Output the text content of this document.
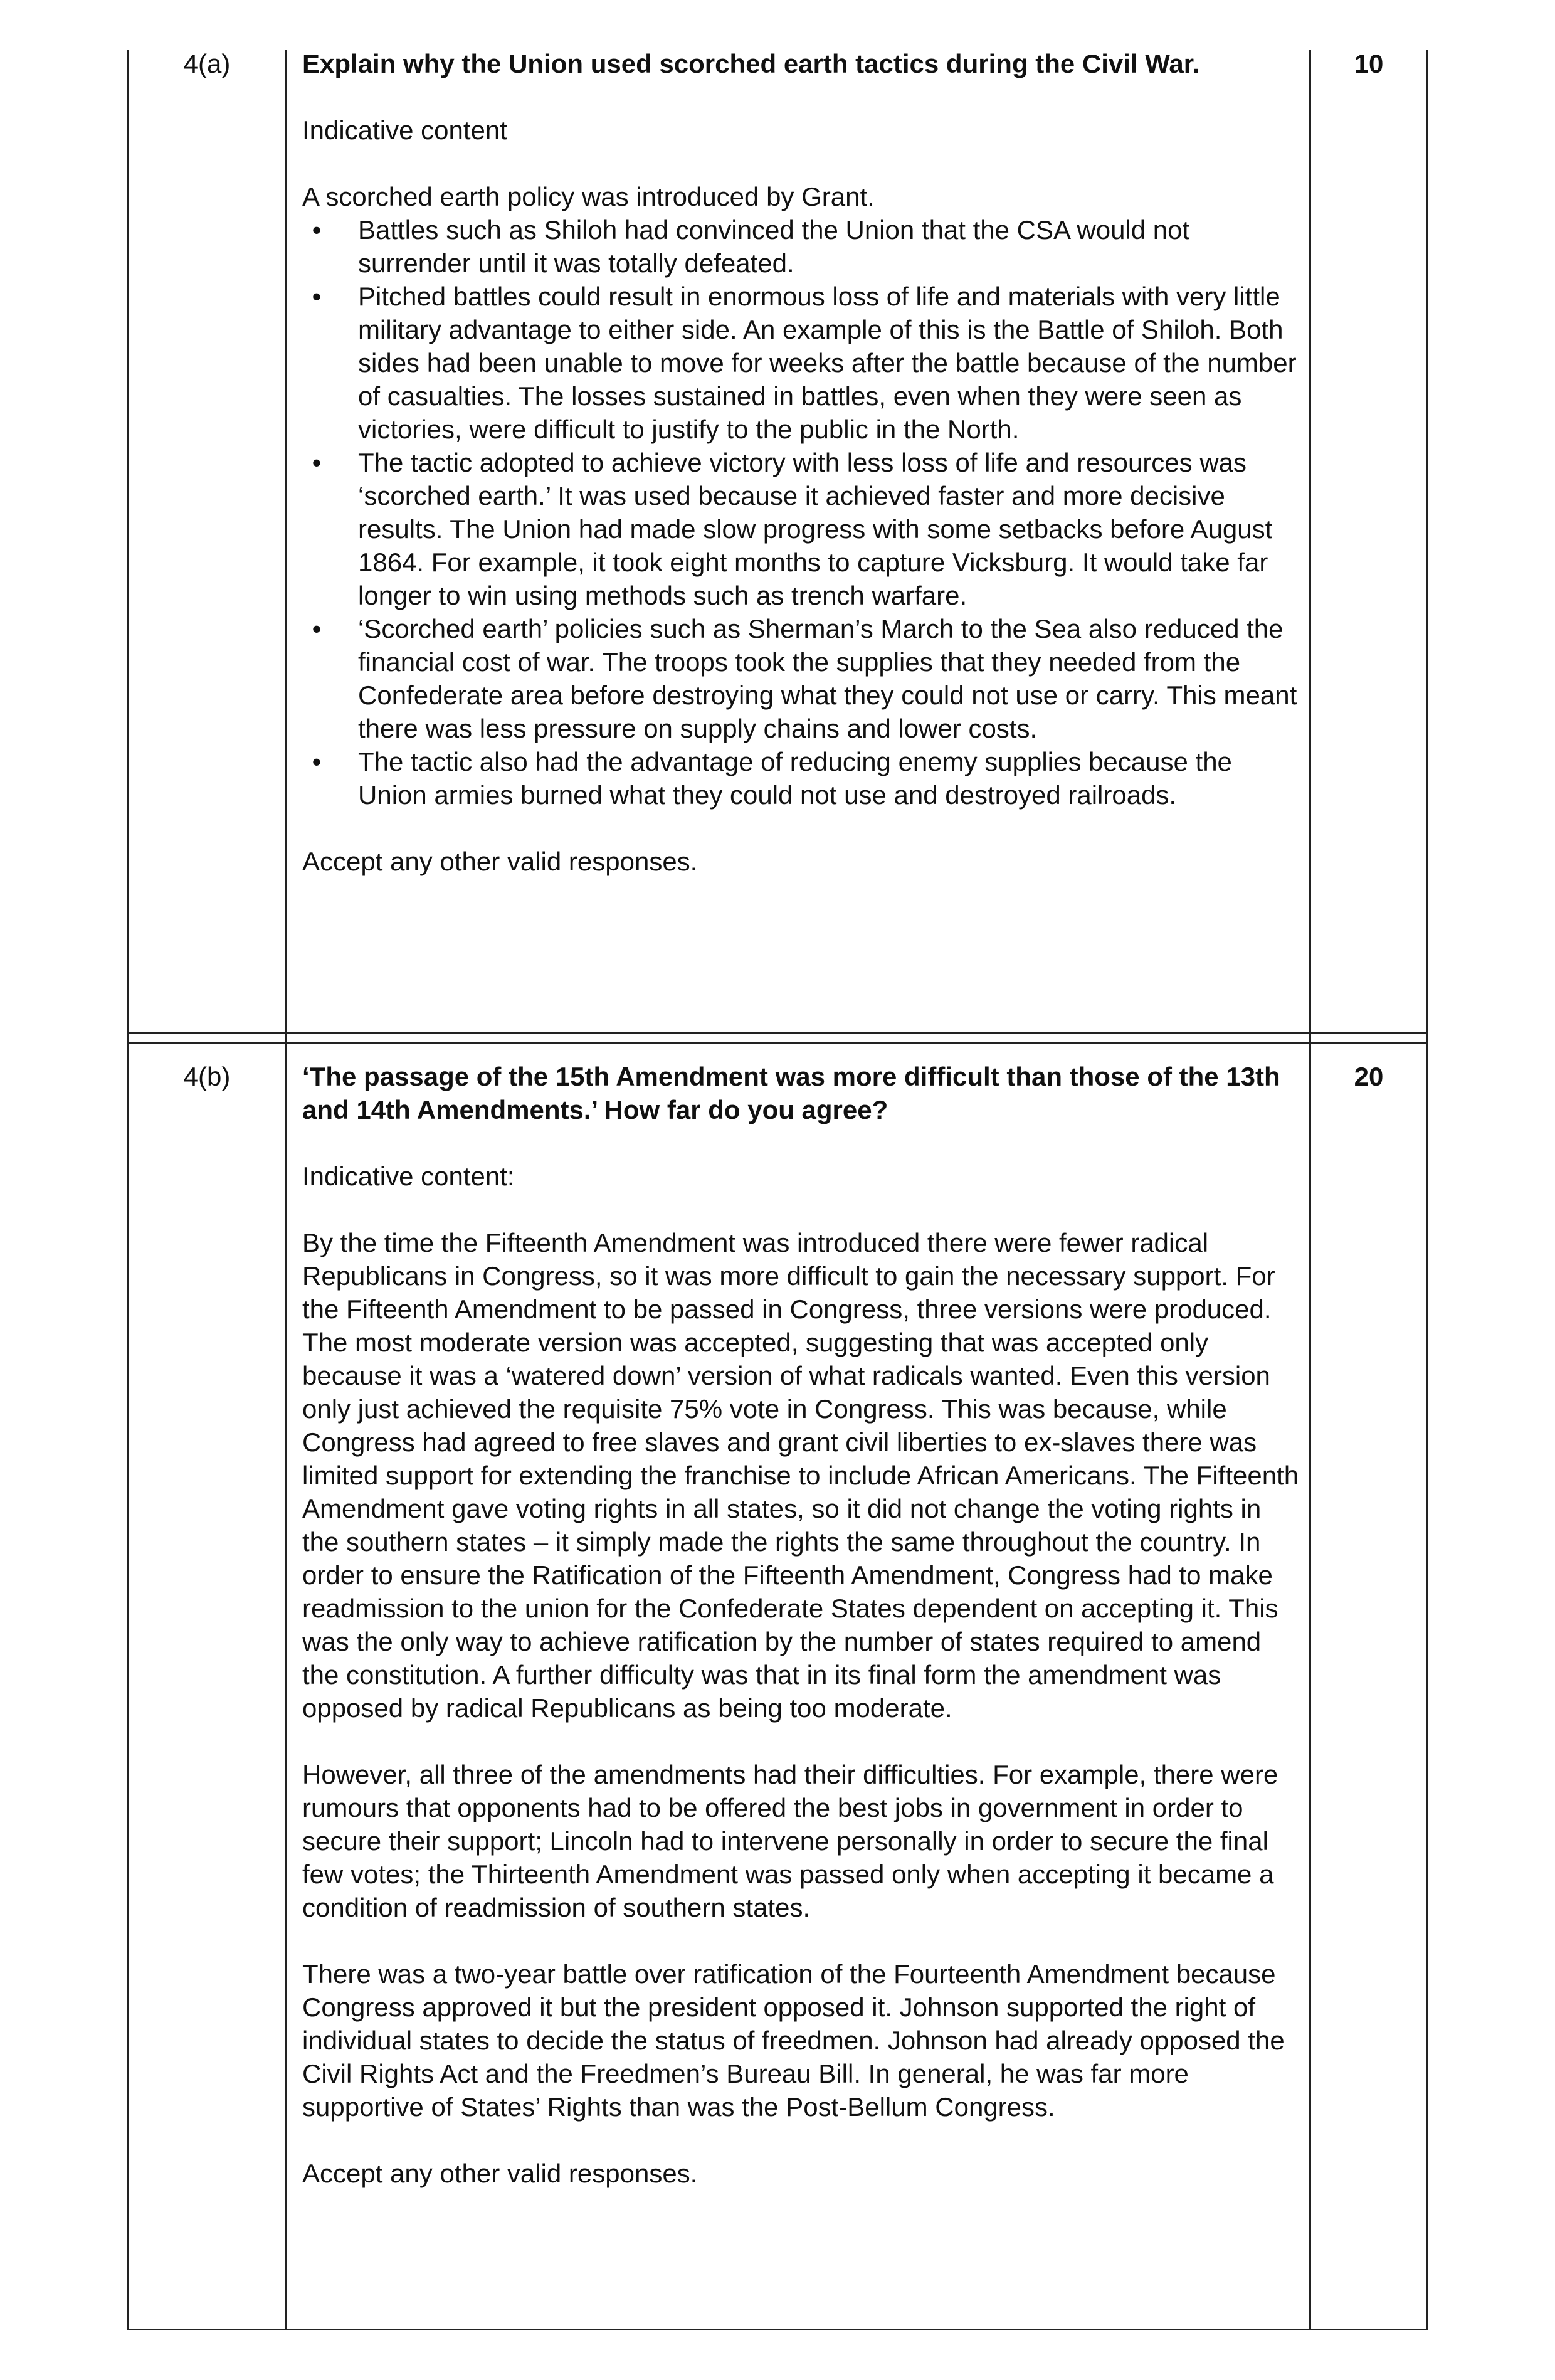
4(a)	10

Explain why the Union used scorched earth tactics during the Civil War.

Indicative content

A scorched earth policy was introduced by Grant.

• Battles such as Shiloh had convinced the Union that the CSA would not surrender until it was totally defeated.
• Pitched battles could result in enormous loss of life and materials with very little military advantage to either side. An example of this is the Battle of Shiloh. Both sides had been unable to move for weeks after the battle because of the number of casualties. The losses sustained in battles, even when they were seen as victories, were difficult to justify to the public in the North.
• The tactic adopted to achieve victory with less loss of life and resources was ‘scorched earth.’ It was used because it achieved faster and more decisive results. The Union had made slow progress with some setbacks before August 1864. For example, it took eight months to capture Vicksburg. It would take far longer to win using methods such as trench warfare.
• ‘Scorched earth’ policies such as Sherman’s March to the Sea also reduced the financial cost of war. The troops took the supplies that they needed from the Confederate area before destroying what they could not use or carry. This meant there was less pressure on supply chains and lower costs.
• The tactic also had the advantage of reducing enemy supplies because the Union armies burned what they could not use and destroyed railroads.

Accept any other valid responses.

4(b)	20

‘The passage of the 15th Amendment was more difficult than those of the 13th and 14th Amendments.’ How far do you agree?

Indicative content:

By the time the Fifteenth Amendment was introduced there were fewer radical Republicans in Congress, so it was more difficult to gain the necessary support. For the Fifteenth Amendment to be passed in Congress, three versions were produced. The most moderate version was accepted, suggesting that was accepted only because it was a ‘watered down’ version of what radicals wanted. Even this version only just achieved the requisite 75% vote in Congress. This was because, while Congress had agreed to free slaves and grant civil liberties to ex-slaves there was limited support for extending the franchise to include African Americans. The Fifteenth Amendment gave voting rights in all states, so it did not change the voting rights in the southern states – it simply made the rights the same throughout the country. In order to ensure the Ratification of the Fifteenth Amendment, Congress had to make readmission to the union for the Confederate States dependent on accepting it. This was the only way to achieve ratification by the number of states required to amend the constitution. A further difficulty was that in its final form the amendment was opposed by radical Republicans as being too moderate.

However, all three of the amendments had their difficulties. For example, there were rumours that opponents had to be offered the best jobs in government in order to secure their support; Lincoln had to intervene personally in order to secure the final few votes; the Thirteenth Amendment was passed only when accepting it became a condition of readmission of southern states.

There was a two-year battle over ratification of the Fourteenth Amendment because Congress approved it but the president opposed it. Johnson supported the right of individual states to decide the status of freedmen. Johnson had already opposed the Civil Rights Act and the Freedmen’s Bureau Bill. In general, he was far more supportive of States’ Rights than was the Post-Bellum Congress.

Accept any other valid responses.
